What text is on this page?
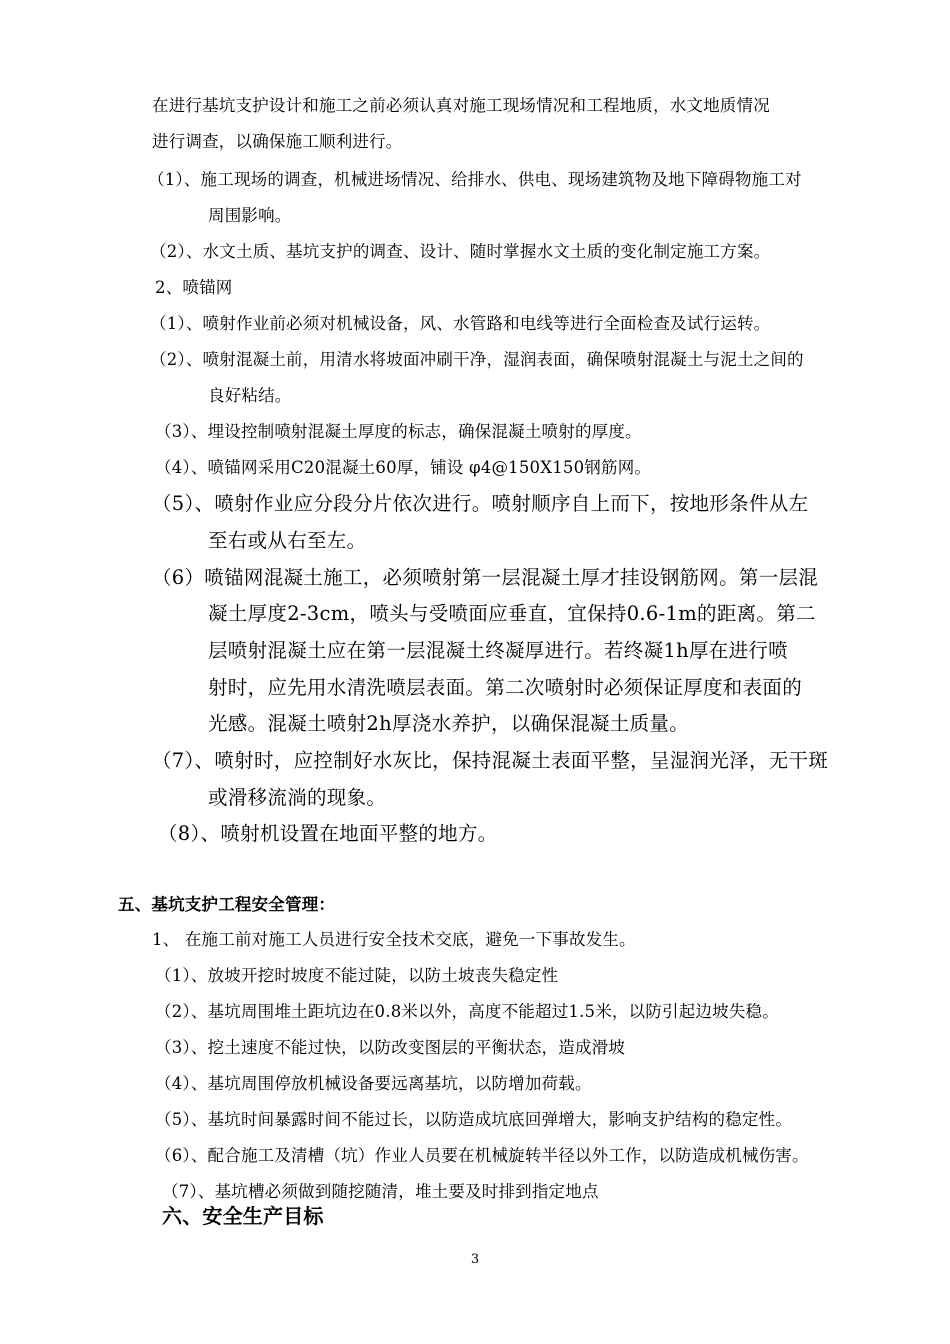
在进行基坑支护设计和施工之前必须认真对施工现场情况和工程地质，水文地质情况
进行调查，以确保施工顺利进行。
（1）、施工现场的调查，机械进场情况、给排水、供电、现场建筑物及地下障碍物施工对
周围影响。
（2）、水文土质、基坑支护的调查、设计、随时掌握水文土质的变化制定施工方案。
2、喷锚网
（1）、喷射作业前必须对机械设备，风、水管路和电线等进行全面检查及试行运转。
（2）、喷射混凝土前，用清水将坡面冲刷干净，湿润表面，确保喷射混凝土与泥土之间的
良好粘结。
（3）、埋设控制喷射混凝土厚度的标志，确保混凝土喷射的厚度。
（4）、喷锚网采用C20混凝土60厚，铺设 φ4@150X150钢筋网。
（5）、喷射作业应分段分片依次进行。喷射顺序自上而下，按地形条件从左
至右或从右至左。
（6）喷锚网混凝土施工，必须喷射第一层混凝土厚才挂设钢筋网。第一层混
凝土厚度2-3cm，喷头与受喷面应垂直，宜保持0.6-1m的距离。第二
层喷射混凝土应在第一层混凝土终凝厚进行。若终凝1h厚在进行喷
射时，应先用水清洗喷层表面。第二次喷射时必须保证厚度和表面的
光感。混凝土喷射2h厚浇水养护，以确保混凝土质量。
（7）、喷射时，应控制好水灰比，保持混凝土表面平整，呈湿润光泽，无干斑
或滑移流淌的现象。
（8）、喷射机设置在地面平整的地方。
五、基坑支护工程安全管理：
1、 在施工前对施工人员进行安全技术交底，避免一下事故发生。
（1）、放坡开挖时坡度不能过陡，以防土坡丧失稳定性
（2）、基坑周围堆土距坑边在0.8米以外，高度不能超过1.5米，以防引起边坡失稳。
（3）、挖土速度不能过快，以防改变图层的平衡状态，造成滑坡
（4）、基坑周围停放机械设备要远离基坑，以防增加荷载。
（5）、基坑时间暴露时间不能过长，以防造成坑底回弹增大，影响支护结构的稳定性。
（6）、配合施工及清槽（坑）作业人员要在机械旋转半径以外工作，以防造成机械伤害。
（7）、基坑槽必须做到随挖随清，堆土要及时排到指定地点
六、安全生产目标
3
